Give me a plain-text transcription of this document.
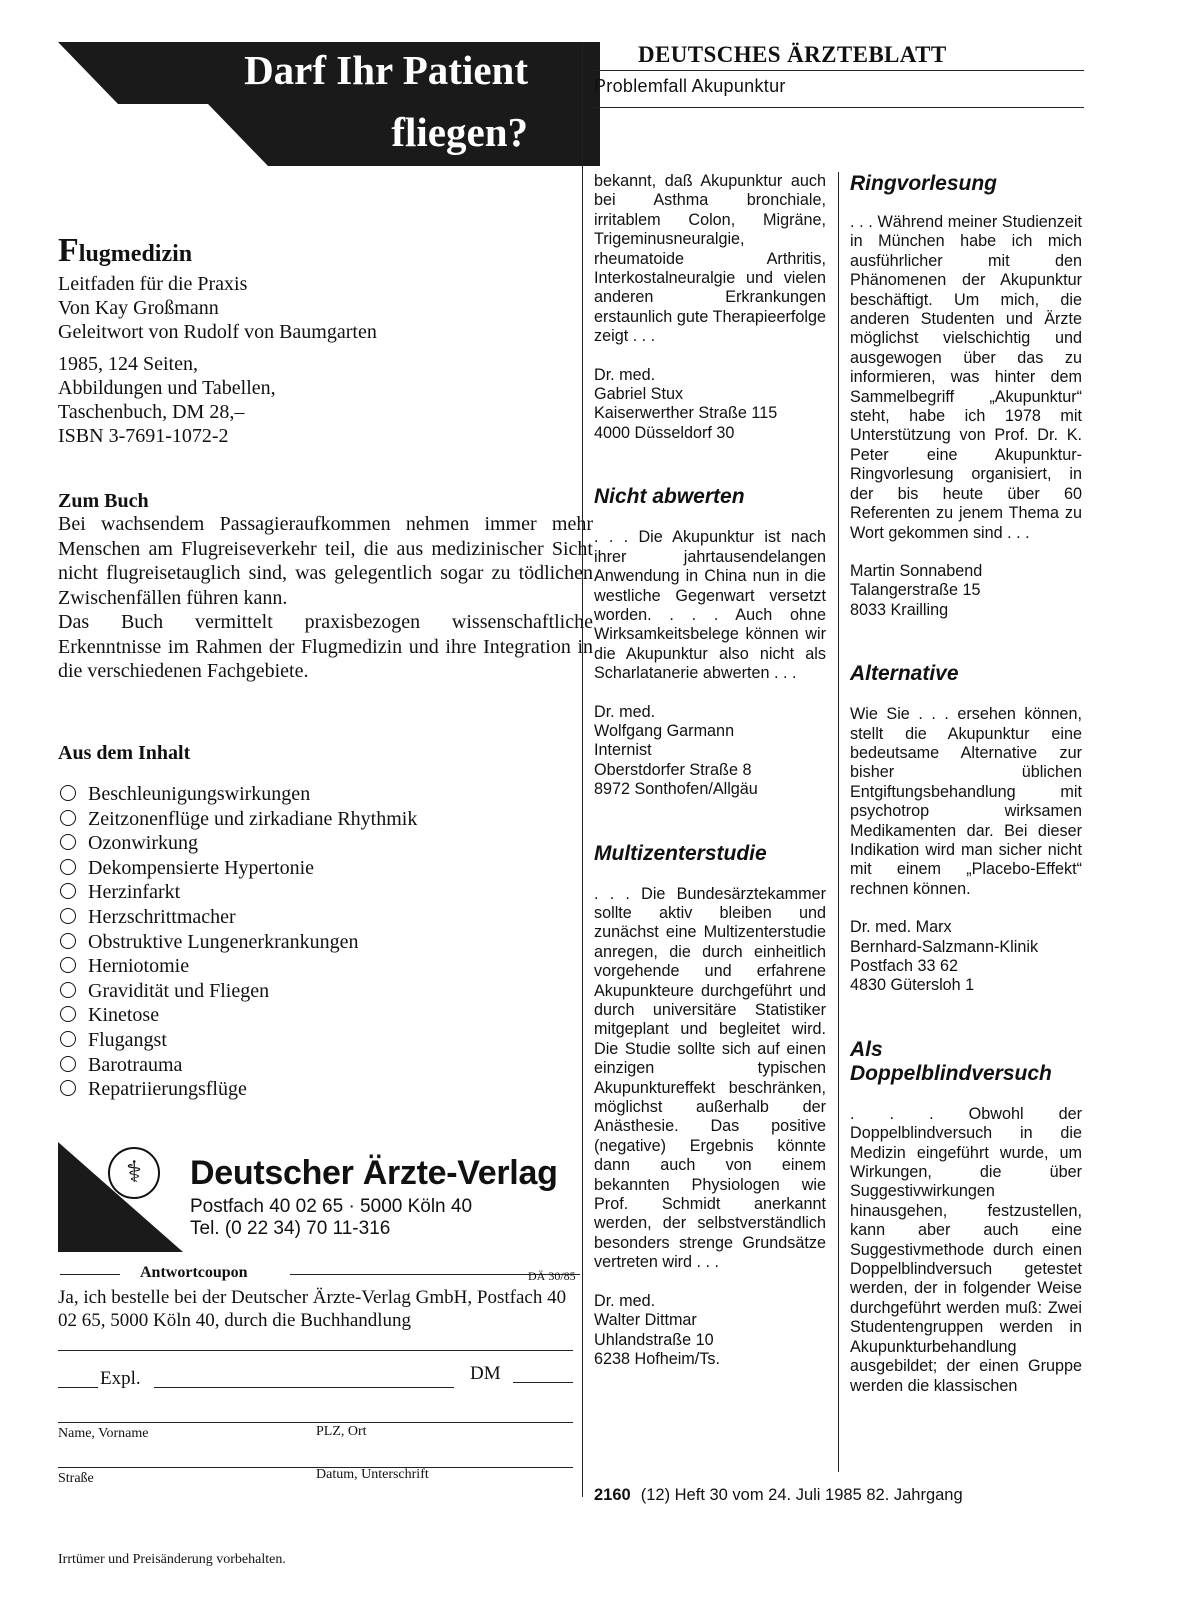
Darf Ihr Patient
fliegen?
Flugmedizin
Leitfaden für die Praxis
Von Kay Großmann
Geleitwort von Rudolf von Baumgarten
1985, 124 Seiten,
Abbildungen und Tabellen,
Taschenbuch, DM 28,–
ISBN 3-7691-1072-2
Zum Buch

Bei wachsendem Passagieraufkommen nehmen immer mehr Menschen am Flugreiseverkehr teil, die aus medizinischer Sicht nicht flugreisetauglich sind, was gelegentlich sogar zu tödlichen Zwischenfällen führen kann.

Das Buch vermittelt praxisbezogen wissenschaftliche Erkenntnisse im Rahmen der Flugmedizin und ihre Integration in die verschiedenen Fachgebiete.

Aus dem Inhalt
Beschleunigungswirkungen
Zeitzonenflüge und zirkadiane Rhythmik
Ozonwirkung
Dekompensierte Hypertonie
Herzinfarkt
Herzschrittmacher
Obstruktive Lungenerkrankungen
Herniotomie
Gravidität und Fliegen
Kinetose
Flugangst
Barotrauma
Repatriierungsflüge
⚕	Deutscher Ärzte-Verlag
Postfach 40 02 65 · 5000 Köln 40
Tel. (0 22 34) 70 11-316
Antwortcoupon	DÄ 30/85
Ja, ich bestelle bei der Deutscher Ärzte-Verlag GmbH, Postfach 40 02 65, 5000 Köln 40, durch die Buchhandlung
Expl.	DM
Name, Vorname	PLZ, Ort
Straße	Datum, Unterschrift
Irrtümer und Preisänderung vorbehalten.
DEUTSCHES ÄRZTEBLATT
Problemfall Akupunktur

bekannt, daß Akupunktur auch bei Asthma bronchiale, irritablem Colon, Migräne, Trigeminusneuralgie, rheumatoide Arthritis, Interkostalneuralgie und vielen anderen Erkrankungen erstaunlich gute Therapieerfolge zeigt . . .

Dr. med.
Gabriel Stux
Kaiserwerther Straße 115
4000 Düsseldorf 30
Nicht abwerten

. . . Die Akupunktur ist nach ihrer jahrtausendelangen Anwendung in China nun in die westliche Gegenwart versetzt worden. . . . Auch ohne Wirksamkeitsbelege können wir die Akupunktur also nicht als Scharlatanerie abwerten . . .

Dr. med.
Wolfgang Garmann
Internist
Oberstdorfer Straße 8
8972 Sonthofen/Allgäu
Multizenterstudie

. . . Die Bundesärztekammer sollte aktiv bleiben und zunächst eine Multizenterstudie anregen, die durch einheitlich vorgehende und erfahrene Akupunkteure durchgeführt und durch universitäre Statistiker mitgeplant und begleitet wird. Die Studie sollte sich auf einen einzigen typischen Akupunktureffekt beschränken, möglichst außerhalb der Anästhesie. Das positive (negative) Ergebnis könnte dann auch von einem bekannten Physiologen wie Prof. Schmidt anerkannt werden, der selbstverständlich besonders strenge Grundsätze vertreten wird . . .

Dr. med.
Walter Dittmar
Uhlandstraße 10
6238 Hofheim/Ts.
Ringvorlesung

. . . Während meiner Studienzeit in München habe ich mich ausführlicher mit den Phänomenen der Akupunktur beschäftigt. Um mich, die anderen Studenten und Ärzte möglichst vielschichtig und ausgewogen über das zu informieren, was hinter dem Sammelbegriff „Akupunktur“ steht, habe ich 1978 mit Unterstützung von Prof. Dr. K. Peter eine Akupunktur-Ringvorlesung organisiert, in der bis heute über 60 Referenten zu jenem Thema zu Wort gekommen sind . . .

Martin Sonnabend
Talangerstraße 15
8033 Krailling
Alternative

Wie Sie . . . ersehen können, stellt die Akupunktur eine bedeutsame Alternative zur bisher üblichen Entgiftungsbehandlung mit psychotrop wirksamen Medikamenten dar. Bei dieser Indikation wird man sicher nicht mit einem „Placebo-Effekt“ rechnen können.

Dr. med. Marx
Bernhard-Salzmann-Klinik
Postfach 33 62
4830 Gütersloh 1
Als Doppelblindversuch

. . . Obwohl der Doppelblindversuch in die Medizin eingeführt wurde, um Wirkungen, die über Suggestivwirkungen hinausgehen, festzustellen, kann aber auch eine Suggestivmethode durch einen Doppelblindversuch getestet werden, der in folgender Weise durchgeführt werden muß: Zwei Studentengruppen werden in Akupunkturbehandlung ausgebildet; der einen Gruppe werden die klassischen

2160 (12) Heft 30 vom 24. Juli 1985 82. Jahrgang
